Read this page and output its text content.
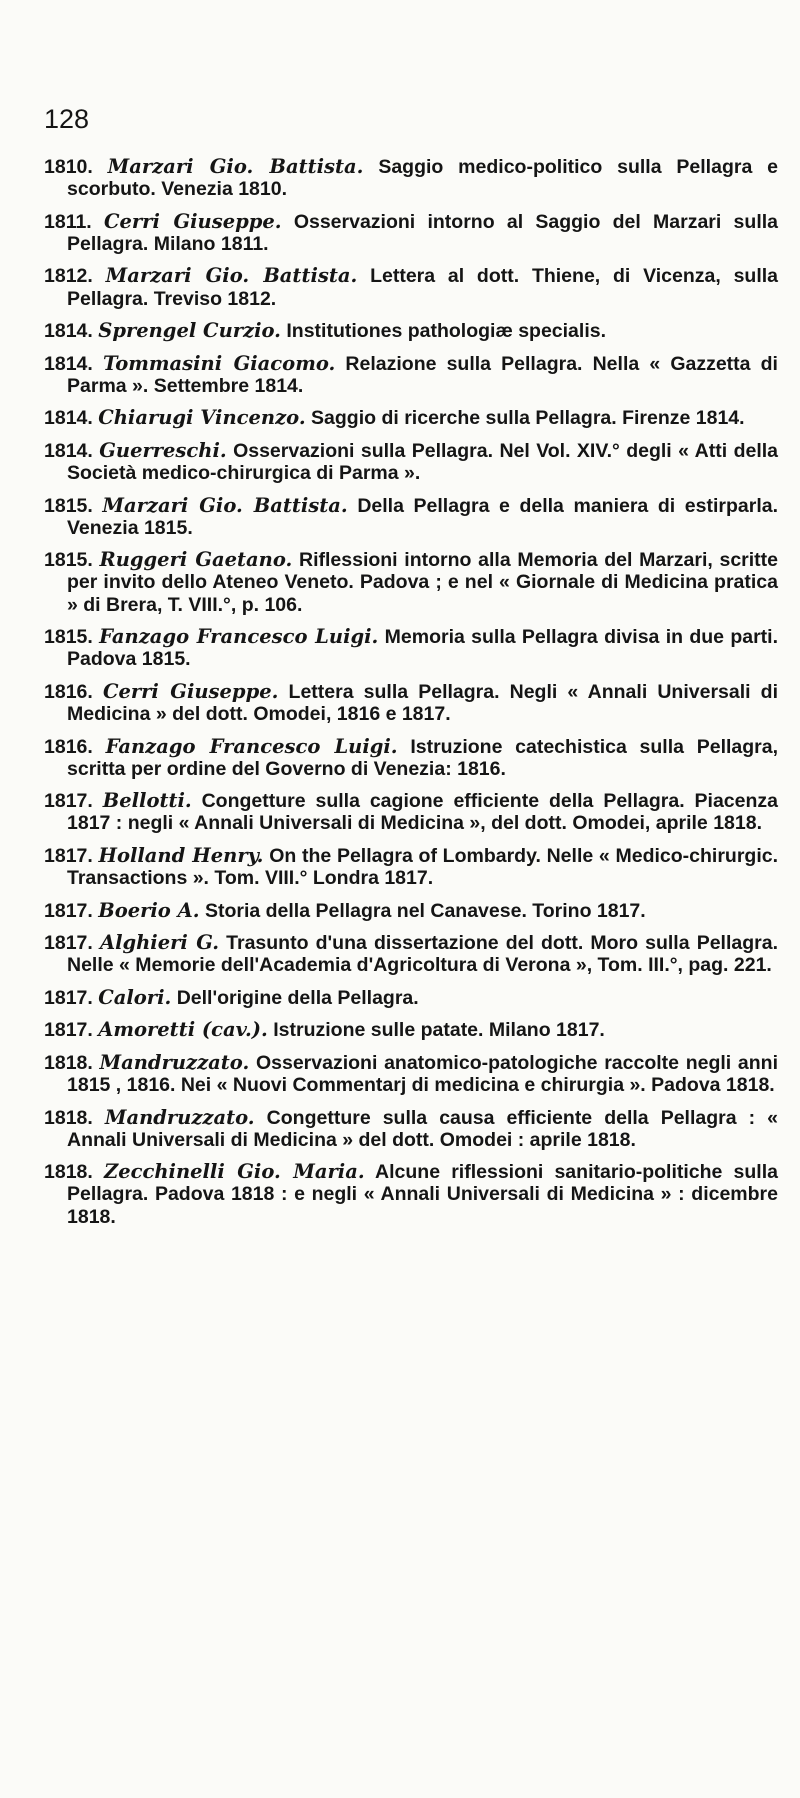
128

1810. Marzari Gio. Battista. Saggio medico-politico sulla Pellagra e scorbuto. Venezia 1810.

1811. Cerri Giuseppe. Osservazioni intorno al Saggio del Marzari sulla Pellagra. Milano 1811.

1812. Marzari Gio. Battista. Lettera al dott. Thiene, di Vicenza, sulla Pellagra. Treviso 1812.

1814. Sprengel Curzio. Institutiones pathologiæ specialis.

1814. Tommasini Giacomo. Relazione sulla Pellagra. Nella « Gazzetta di Parma ». Settembre 1814.

1814. Chiarugi Vincenzo. Saggio di ricerche sulla Pellagra. Firenze 1814.

1814. Guerreschi. Osservazioni sulla Pellagra. Nel Vol. XIV.° degli « Atti della Società medico-chirurgica di Parma ».

1815. Marzari Gio. Battista. Della Pellagra e della maniera di estirparla. Venezia 1815.

1815. Ruggeri Gaetano. Riflessioni intorno alla Memoria del Marzari, scritte per invito dello Ateneo Veneto. Padova ; e nel « Giornale di Medicina pratica » di Brera, T. VIII.°, p. 106.

1815. Fanzago Francesco Luigi. Memoria sulla Pellagra divisa in due parti. Padova 1815.

1816. Cerri Giuseppe. Lettera sulla Pellagra. Negli « Annali Universali di Medicina » del dott. Omodei, 1816 e 1817.

1816. Fanzago Francesco Luigi. Istruzione catechistica sulla Pellagra, scritta per ordine del Governo di Venezia: 1816.

1817. Bellotti. Congetture sulla cagione efficiente della Pellagra. Piacenza 1817 : negli « Annali Universali di Medicina », del dott. Omodei, aprile 1818.

1817. Holland Henry. On the Pellagra of Lombardy. Nelle « Medico-chirurgic. Transactions ». Tom. VIII.° Londra 1817.

1817. Boerio A. Storia della Pellagra nel Canavese. Torino 1817.

1817. Alghieri G. Trasunto d'una dissertazione del dott. Moro sulla Pellagra. Nelle « Memorie dell'Academia d'Agricoltura di Verona », Tom. III.°, pag. 221.

1817. Calori. Dell'origine della Pellagra.

1817. Amoretti (cav.). Istruzione sulle patate. Milano 1817.

1818. Mandruzzato. Osservazioni anatomico-patologiche raccolte negli anni 1815 , 1816. Nei « Nuovi Commentarj di medicina e chirurgia ». Padova 1818.

1818. Mandruzzato. Congetture sulla causa efficiente della Pellagra : « Annali Universali di Medicina » del dott. Omodei : aprile 1818.

1818. Zecchinelli Gio. Maria. Alcune riflessioni sanitario-politiche sulla Pellagra. Padova 1818 : e negli « Annali Universali di Medicina » : dicembre 1818.
